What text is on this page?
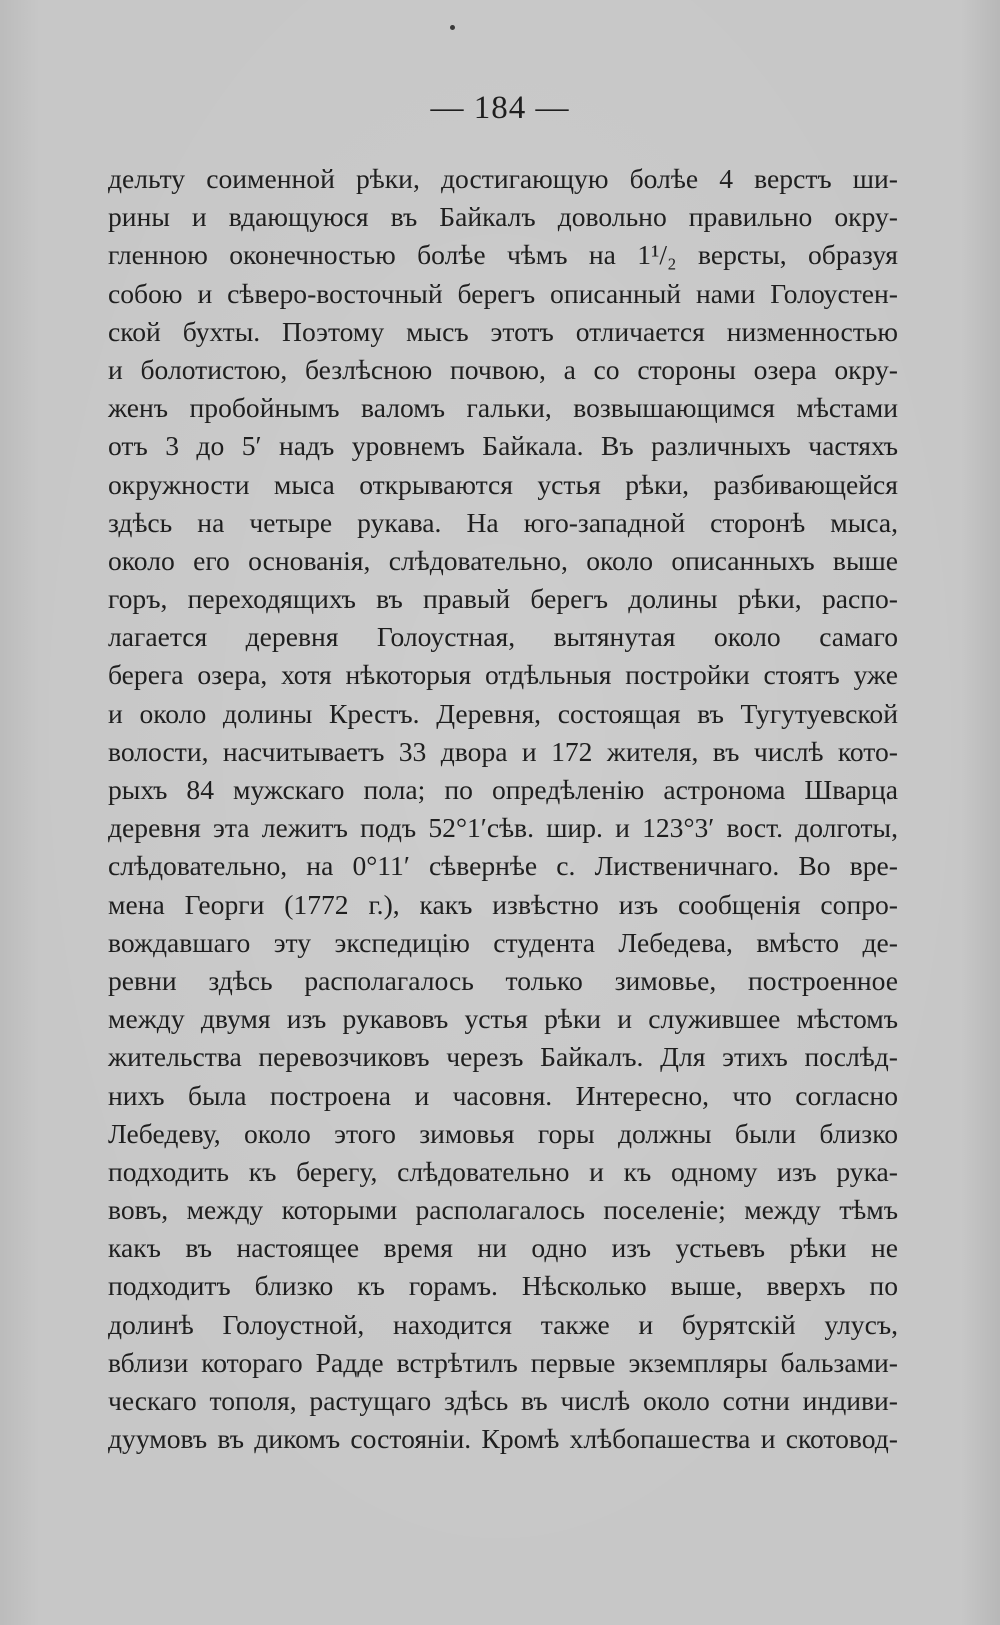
— 184 —
дельту соименной рѣки, достигающую болѣе 4 верстъ ши-
рины и вдающуюся въ Байкалъ довольно правильно окру-
гленною оконечностью болѣе чѣмъ на 1¹/₂ версты, образуя
собою и сѣверо-восточный берегъ описанный нами Голоустен-
ской бухты. Поэтому мысъ этотъ отличается низменностью
и болотистою, безлѣсною почвою, а со стороны озера окру-
женъ пробойнымъ валомъ гальки, возвышающимся мѣстами
отъ 3 до 5′ надъ уровнемъ Байкала. Въ различныхъ частяхъ
окружности мыса открываются устья рѣки, разбивающейся
здѣсь на четыре рукава. На юго-западной сторонѣ мыса,
около его основанія, слѣдовательно, около описанныхъ выше
горъ, переходящихъ въ правый берегъ долины рѣки, распо-
лагается деревня Голоустная, вытянутая около самаго
берега озера, хотя нѣкоторыя отдѣльныя постройки стоятъ уже
и около долины Крестъ. Деревня, состоящая въ Тугутуевской
волости, насчитываетъ 33 двора и 172 жителя, въ числѣ кото-
рыхъ 84 мужскаго пола; по опредѣленію астронома Шварца
деревня эта лежитъ подъ 52°1′сѣв. шир. и 123°3′ вост. долготы,
слѣдовательно, на 0°11′ сѣвернѣе с. Лиственичнаго. Во вре-
мена Георги (1772 г.), какъ извѣстно изъ сообщенія сопро-
вождавшаго эту экспедицію студента Лебедева, вмѣсто де-
ревни здѣсь располагалось только зимовье, построенное
между двумя изъ рукавовъ устья рѣки и служившее мѣстомъ
жительства перевозчиковъ черезъ Байкалъ. Для этихъ послѣд-
нихъ была построена и часовня. Интересно, что согласно
Лебедеву, около этого зимовья горы должны были близко
подходить къ берегу, слѣдовательно и къ одному изъ рука-
вовъ, между которыми располагалось поселеніе; между тѣмъ
какъ въ настоящее время ни одно изъ устьевъ рѣки не
подходитъ близко къ горамъ. Нѣсколько выше, вверхъ по
долинѣ Голоустной, находится также и бурятскій улусъ,
вблизи котораго Радде встрѣтилъ первые экземпляры бальзами-
ческаго тополя, растущаго здѣсь въ числѣ около сотни индиви-
дуумовъ въ дикомъ состояніи. Кромѣ хлѣбопашества и скотовод-
